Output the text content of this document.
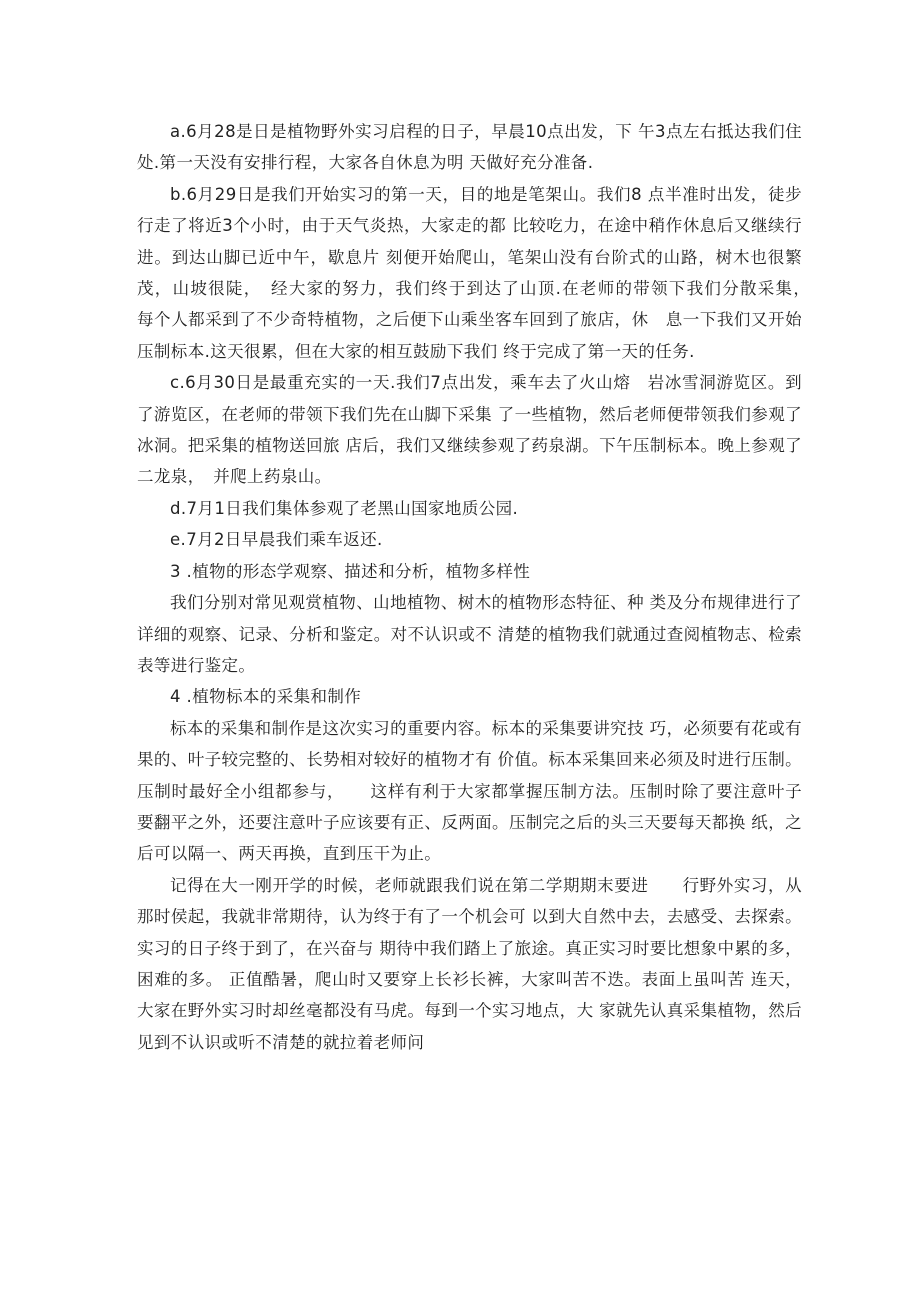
a.6月28是日是植物野外实习启程的日子，早晨10点出发，下 午3点左右抵达我们住处.第一天没有安排行程，大家各自休息为明 天做好充分准备.

b.6月29日是我们开始实习的第一天，目的地是笔架山。我们8 点半准时出发，徒步行走了将近3个小时，由于天气炎热，大家走的都 比较吃力，在途中稍作休息后又继续行进。到达山脚已近中午，歇息片 刻便开始爬山，笔架山没有台阶式的山路，树木也很繁茂，山坡很陡，　经大家的努力，我们终于到达了山顶.在老师的带领下我们分散采集，　每个人都采到了不少奇特植物，之后便下山乘坐客车回到了旅店，休　息一下我们又开始压制标本.这天很累，但在大家的相互鼓励下我们 终于完成了第一天的任务.

c.6月30日是最重充实的一天.我们7点出发，乘车去了火山熔　岩冰雪洞游览区。到了游览区，在老师的带领下我们先在山脚下采集 了一些植物，然后老师便带领我们参观了冰洞。把采集的植物送回旅 店后，我们又继续参观了药泉湖。下午压制标本。晚上参观了二龙泉，　并爬上药泉山。

d.7月1日我们集体参观了老黑山国家地质公园.

e.7月2日早晨我们乘车返还.

3 .植物的形态学观察、描述和分析，植物多样性

我们分别对常见观赏植物、山地植物、树木的植物形态特征、种 类及分布规律进行了详细的观察、记录、分析和鉴定。对不认识或不 清楚的植物我们就通过查阅植物志、检索表等进行鉴定。

4 .植物标本的采集和制作

标本的采集和制作是这次实习的重要内容。标本的采集要讲究技 巧，必须要有花或有果的、叶子较完整的、长势相对较好的植物才有 价值。标本采集回来必须及时进行压制。压制时最好全小组都参与，　　这样有利于大家都掌握压制方法。压制时除了要注意叶子要翻平之外，还要注意叶子应该要有正、反两面。压制完之后的头三天要每天都换 纸，之后可以隔一、两天再换，直到压干为止。

记得在大一刚开学的时候，老师就跟我们说在第二学期期末要进　　行野外实习，从那时侯起，我就非常期待，认为终于有了一个机会可 以到大自然中去，去感受、去探索。实习的日子终于到了，在兴奋与 期待中我们踏上了旅途。真正实习时要比想象中累的多，困难的多。 正值酷暑，爬山时又要穿上长衫长裤，大家叫苦不迭。表面上虽叫苦 连天，大家在野外实习时却丝毫都没有马虎。每到一个实习地点，大 家就先认真采集植物，然后见到不认识或听不清楚的就拉着老师问
